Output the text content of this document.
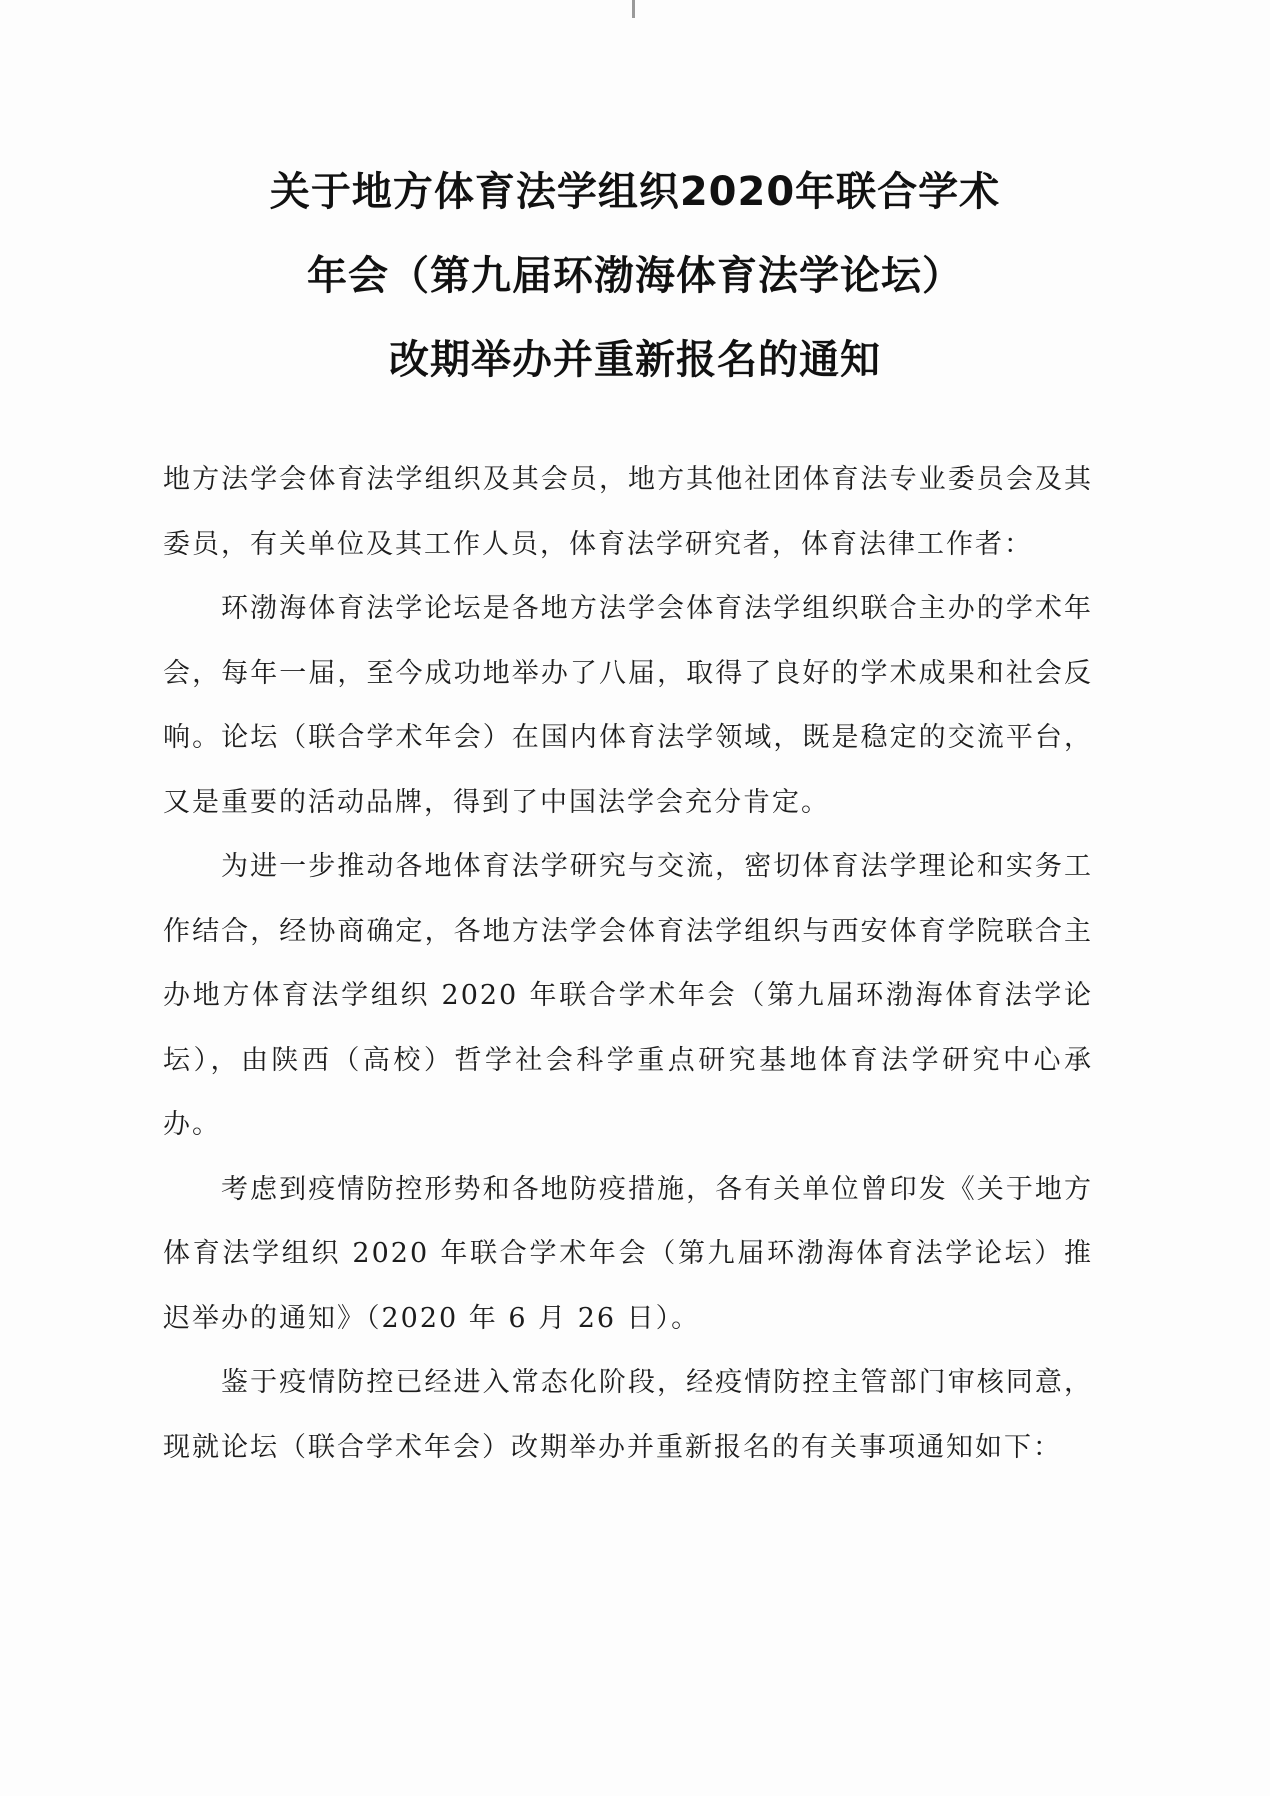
关于地方体育法学组织2020年联合学术
年会（第九届环渤海体育法学论坛）
改期举办并重新报名的通知

地方法学会体育法学组织及其会员，地方其他社团体育法专业委员会及其委员，有关单位及其工作人员，体育法学研究者，体育法律工作者：

环渤海体育法学论坛是各地方法学会体育法学组织联合主办的学术年会，每年一届，至今成功地举办了八届，取得了良好的学术成果和社会反响。论坛（联合学术年会）在国内体育法学领域，既是稳定的交流平台，又是重要的活动品牌，得到了中国法学会充分肯定。

为进一步推动各地体育法学研究与交流，密切体育法学理论和实务工作结合，经协商确定，各地方法学会体育法学组织与西安体育学院联合主办地方体育法学组织 2020 年联合学术年会（第九届环渤海体育法学论坛），由陕西（高校）哲学社会科学重点研究基地体育法学研究中心承办。

考虑到疫情防控形势和各地防疫措施，各有关单位曾印发《关于地方体育法学组织 2020 年联合学术年会（第九届环渤海体育法学论坛）推迟举办的通知》（2020 年 6 月 26 日）。

鉴于疫情防控已经进入常态化阶段，经疫情防控主管部门审核同意，现就论坛（联合学术年会）改期举办并重新报名的有关事项通知如下：
